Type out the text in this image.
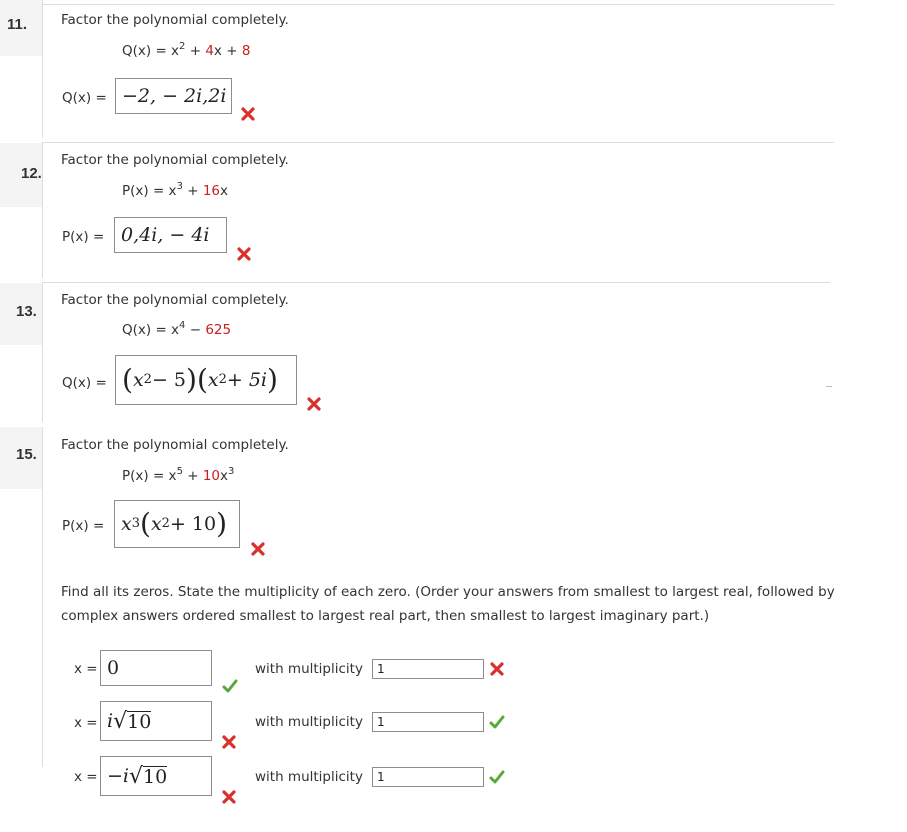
11.	Factor the polynomial completely.
$Q(x) = x^2 + 4x + 8$
Q(x) = −2, − 2i,2i
12.
Factor the polynomial completely.
$P(x) = x^3 + 16x$
P(x) = 0,4i, − 4i
13.
Factor the polynomial completely.
$Q(x) = x^4 - 625$
Q(x) = ( x 2 − 5 ) ( x 2 + 5i )
15.
Factor the polynomial completely.
$P(x) = x^5 + 10x^3$
P(x) = x 3 ( x 2 + 10 )
Find all its zeros. State the multiplicity of each zero. (Order your answers from smallest to largest real, followed by
complex answers ordered smallest to largest real part, then smallest to largest imaginary part.)
x = 0	with multiplicity	1
x = i √ 10	with multiplicity	1
x = −i √ 10	with multiplicity	1
